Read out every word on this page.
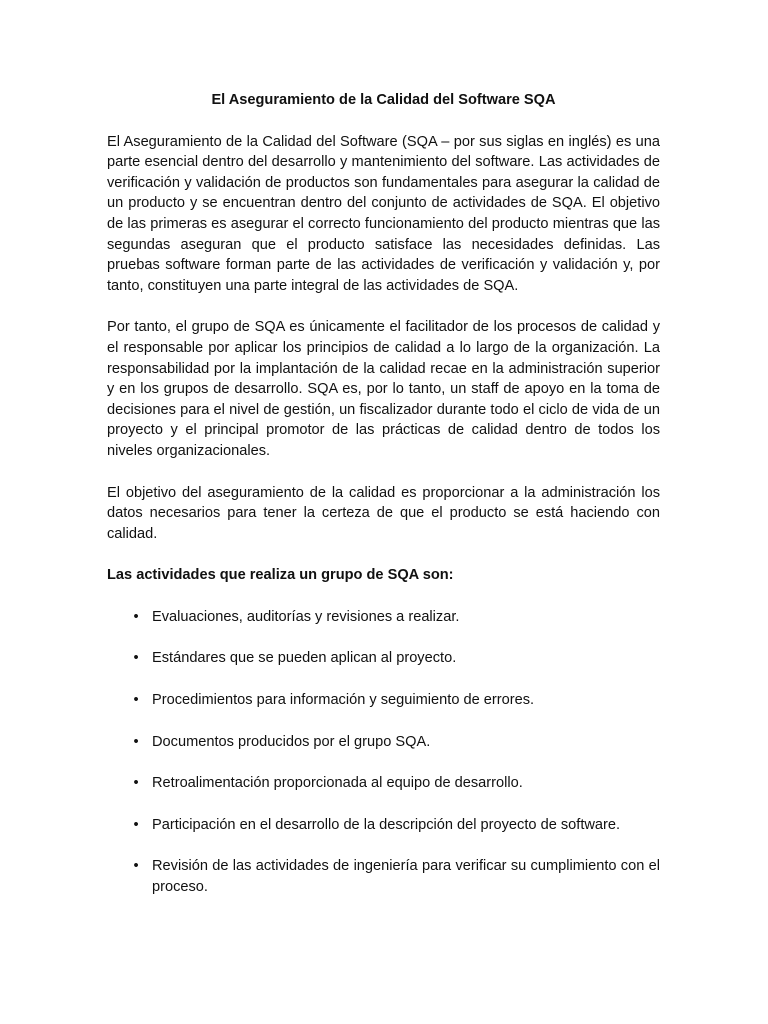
El Aseguramiento de la Calidad del Software SQA

El Aseguramiento de la Calidad del Software (SQA – por sus siglas en inglés) es una parte esencial dentro del desarrollo y mantenimiento del software. Las actividades de verificación y validación de productos son fundamentales para asegurar la calidad de un producto y se encuentran dentro del conjunto de actividades de SQA. El objetivo de las primeras es asegurar el correcto funcionamiento del producto mientras que las segundas aseguran que el producto satisface las necesidades definidas. Las pruebas software forman parte de las actividades de verificación y validación y, por tanto, constituyen una parte integral de las actividades de SQA.

Por tanto, el grupo de SQA es únicamente el facilitador de los procesos de calidad y el responsable por aplicar los principios de calidad a lo largo de la organización. La responsabilidad por la implantación de la calidad recae en la administración superior y en los grupos de desarrollo. SQA es, por lo tanto, un staff de apoyo en la toma de decisiones para el nivel de gestión, un fiscalizador durante todo el ciclo de vida de un proyecto y el principal promotor de las prácticas de calidad dentro de todos los niveles organizacionales.

El objetivo del aseguramiento de la calidad es proporcionar a la administración los datos necesarios para tener la certeza de que el producto se está haciendo con calidad.

Las actividades que realiza un grupo de SQA son:
• Evaluaciones, auditorías y revisiones a realizar.
• Estándares que se pueden aplican al proyecto.
• Procedimientos para información y seguimiento de errores.
• Documentos producidos por el grupo SQA.
• Retroalimentación proporcionada al equipo de desarrollo.
• Participación en el desarrollo de la descripción del proyecto de software.
• Revisión de las actividades de ingeniería para verificar su cumplimiento con el proceso.
